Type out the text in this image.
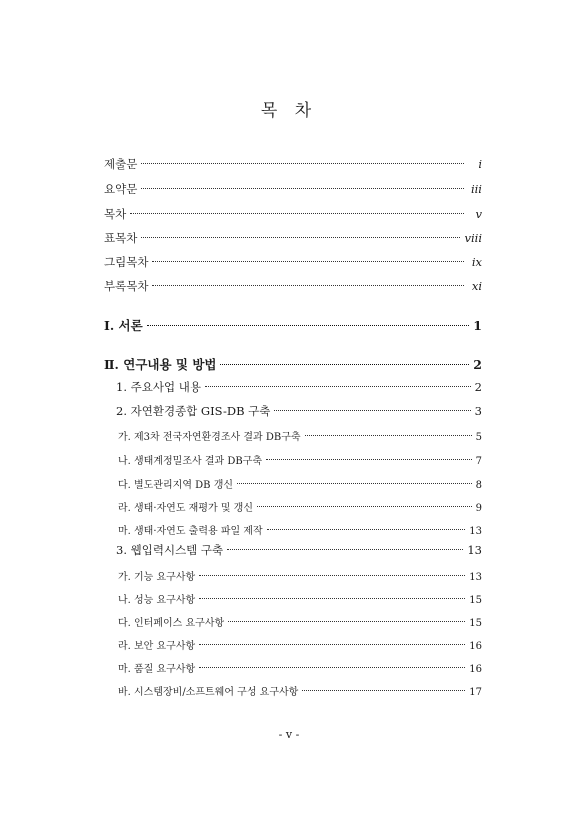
목 차
제출문	i
요약문	iii
목차	v
표목차	viii
그림목차	ix
부록목차	xi
Ⅰ. 서론	1
Ⅱ. 연구내용 및 방법	2
1. 주요사업 내용	2
2. 자연환경종합 GIS-DB 구축	3
가. 제3차 전국자연환경조사 결과 DB구축	5
나. 생태계정밀조사 결과 DB구축	7
다. 별도관리지역 DB 갱신	8
라. 생태·자연도 재평가 및 갱신	9
마. 생태·자연도 출력용 파일 제작	13
3. 웹입력시스템 구축	13
가. 기능 요구사항	13
나. 성능 요구사항	15
다. 인터페이스 요구사항	15
라. 보안 요구사항	16
마. 품질 요구사항	16
바. 시스템장비/소프트웨어 구성 요구사항	17
- v -
